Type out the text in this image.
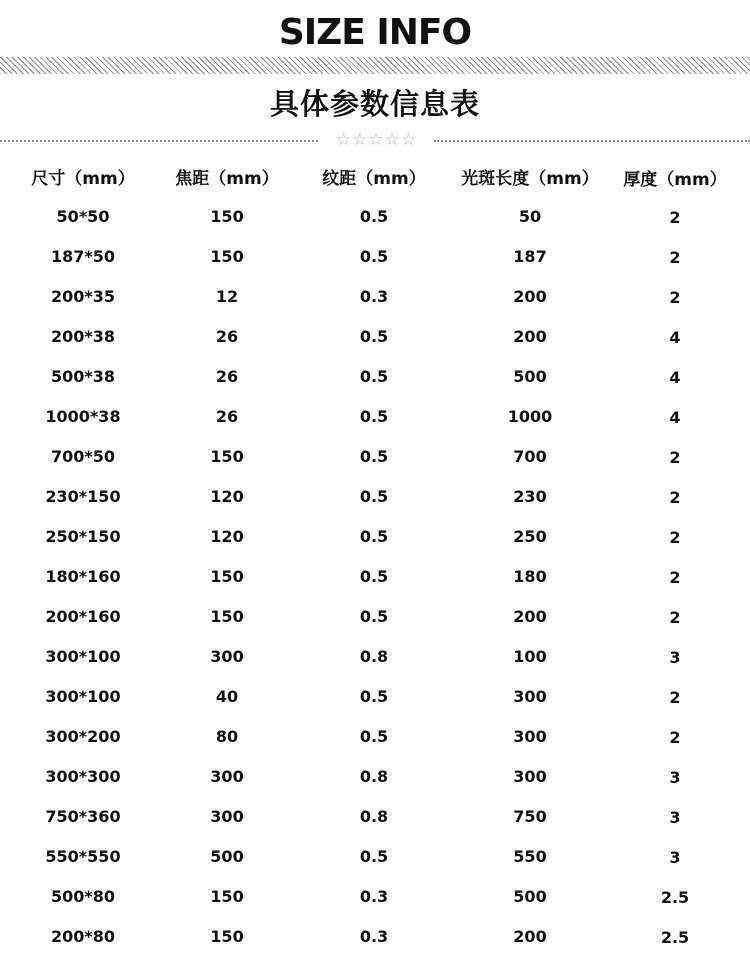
SIZE INFO
具体参数信息表
☆ ☆ ☆ ☆ ☆
尺寸（mm）	焦距（mm）	纹距（mm）	光斑长度（mm）	厚度（mm）
50*50	150	0.5	50	2
187*50	150	0.5	187	2
200*35	12	0.3	200	2
200*38	26	0.5	200	4
500*38	26	0.5	500	4
1000*38	26	0.5	1000	4
700*50	150	0.5	700	2
230*150	120	0.5	230	2
250*150	120	0.5	250	2
180*160	150	0.5	180	2
200*160	150	0.5	200	2
300*100	300	0.8	100	3
300*100	40	0.5	300	2
300*200	80	0.5	300	2
300*300	300	0.8	300	3
750*360	300	0.8	750	3
550*550	500	0.5	550	3
500*80	150	0.3	500	2.5
200*80	150	0.3	200	2.5
